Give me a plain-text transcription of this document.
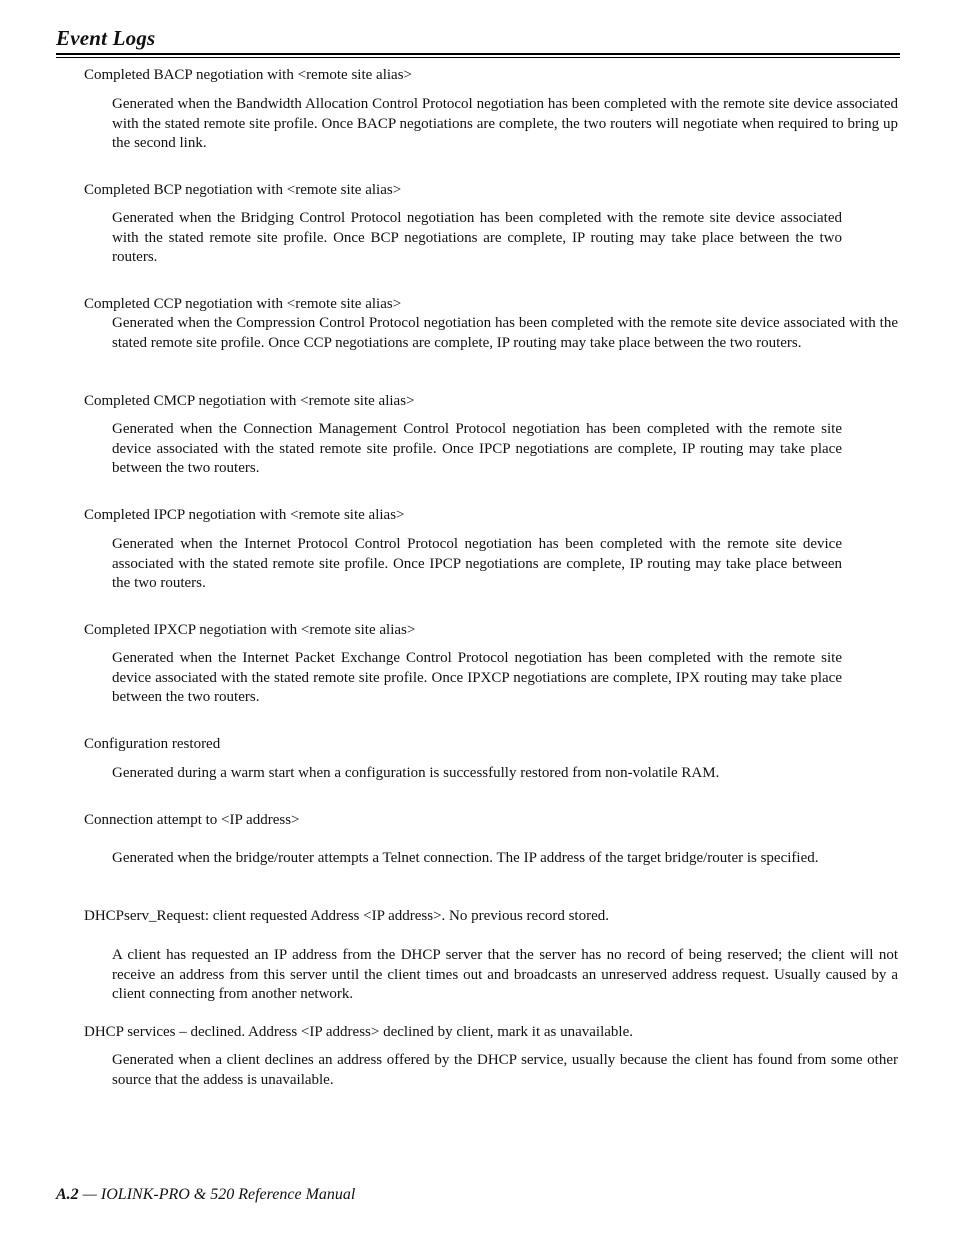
Event Logs
Completed BACP negotiation with <remote site alias>

Generated when the Bandwidth Allocation Control Protocol negotiation has been completed with the remote site device associated with the stated remote site profile. Once BACP negotiations are complete, the two routers will negotiate when required to bring up the second link.

Completed BCP negotiation with <remote site alias>

Generated when the Bridging Control Protocol negotiation has been completed with the remote site device associated with the stated remote site profile. Once BCP negotiations are complete, IP routing may take place between the two routers.

Completed CCP negotiation with <remote site alias>

Generated when the Compression Control Protocol negotiation has been completed with the remote site device associated with the stated remote site profile. Once CCP negotiations are complete, IP routing may take place between the two routers.

Completed CMCP negotiation with <remote site alias>

Generated when the Connection Management Control Protocol negotiation has been completed with the remote site device associated with the stated remote site profile. Once IPCP negotiations are complete, IP routing may take place between the two routers.

Completed IPCP negotiation with <remote site alias>

Generated when the Internet Protocol Control Protocol negotiation has been completed with the remote site device associated with the stated remote site profile. Once IPCP negotiations are complete, IP routing may take place between the two routers.

Completed IPXCP negotiation with <remote site alias>

Generated when the Internet Packet Exchange Control Protocol negotiation has been completed with the remote site device associated with the stated remote site profile. Once IPXCP negotiations are complete, IPX routing may take place between the two routers.

Configuration restored

Generated during a warm start when a configuration is successfully restored from non-volatile RAM.

Connection attempt to <IP address>

Generated when the bridge/router attempts a Telnet connection. The IP address of the target bridge/router is specified.

DHCPserv_Request: client requested Address <IP address>. No previous record stored.

A client has requested an IP address from the DHCP server that the server has no record of being reserved; the client will not receive an address from this server until the client times out and broadcasts an unreserved address request. Usually caused by a client connecting from another network.

DHCP services – declined. Address <IP address> declined by client, mark it as unavailable.

Generated when a client declines an address offered by the DHCP service, usually because the client has found from some other source that the addess is unavailable.

A.2 — IOLINK-PRO & 520 Reference Manual
